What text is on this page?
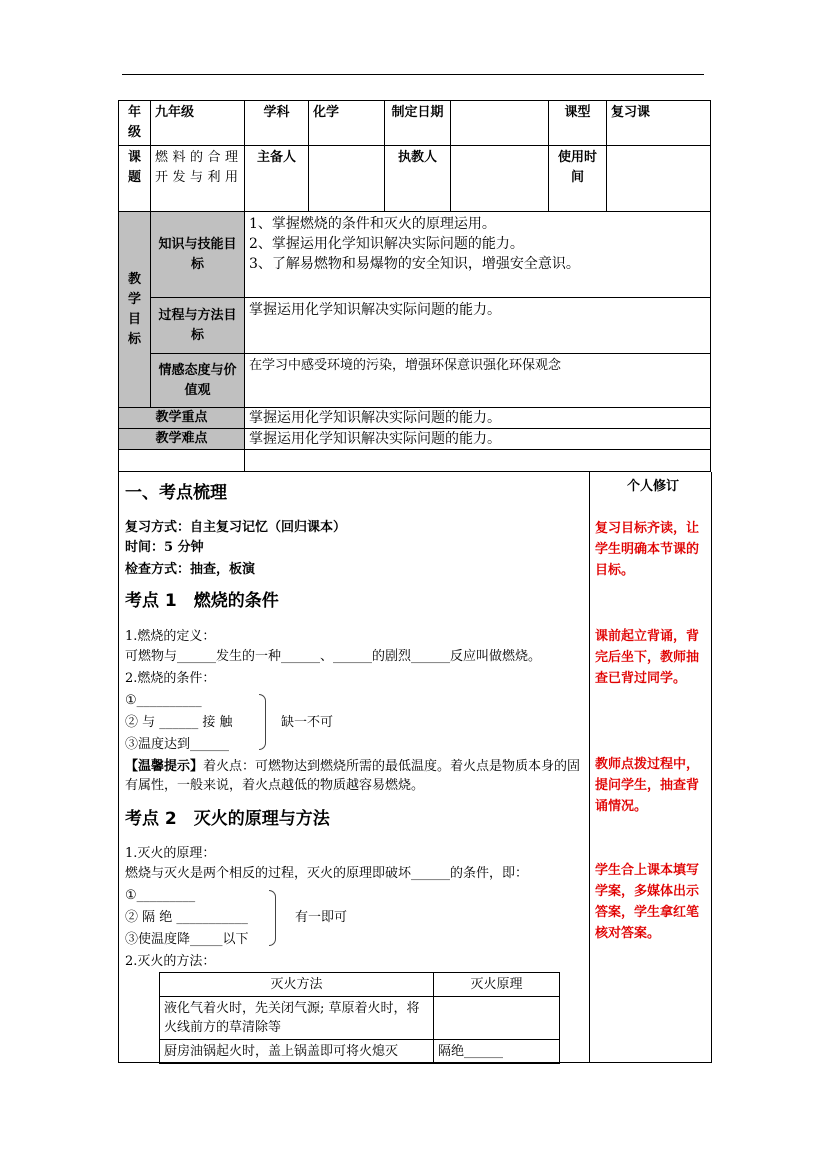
年级	九年级	学科	化学	制定日期		课型	复习课
课题	燃料的合理开发与利用	主备人		执教人		使用时间	
教学目标	知识与技能目标	1、掌握燃烧的条件和灭火的原理运用。
2、掌握运用化学知识解决实际问题的能力。
3、了解易燃物和易爆物的安全知识，增强安全意识。					

	过程与方法目标	掌握运用化学知识解决实际问题的能力。					
	情感态度与价值观	在学习中感受环境的污染，增强环保意识强化环保观念					
教学重点		掌握运用化学知识解决实际问题的能力。					
教学难点		掌握运用化学知识解决实际问题的能力。					

一、考点梳理
复习方式：自主复习记忆（回归课本）
时间：5 分钟
检查方式：抽查，板演
考点 1　燃烧的条件
1.燃烧的定义：
可燃物与______发生的一种______、______的剧烈______反应叫做燃烧。
2.燃烧的条件：
①__________
② 与 ______ 接 触
③温度达到______
缺一不可
【温馨提示】着火点：可燃物达到燃烧所需的最低温度。着火点是物质本身的固有属性，一般来说，着火点越低的物质越容易燃烧。
考点 2　灭火的原理与方法
1.灭火的原理：
燃烧与灭火是两个相反的过程，灭火的原理即破坏______的条件，即：
①_________
② 隔 绝 ___________
③使温度降_____以下
有一即可
2.灭火的方法：
灭火方法	灭火原理
液化气着火时，先关闭气源; 草原着火时，将火线前方的草清除等	
厨房油锅起火时，盖上锅盖即可将火熄灭	隔绝______
个人修订
复习目标齐读，让学生明确本节课的目标。
课前起立背诵，背完后坐下，教师抽查已背过同学。
教师点拨过程中，提问学生，抽查背诵情况。
学生合上课本填写学案，多媒体出示答案，学生拿红笔核对答案。
